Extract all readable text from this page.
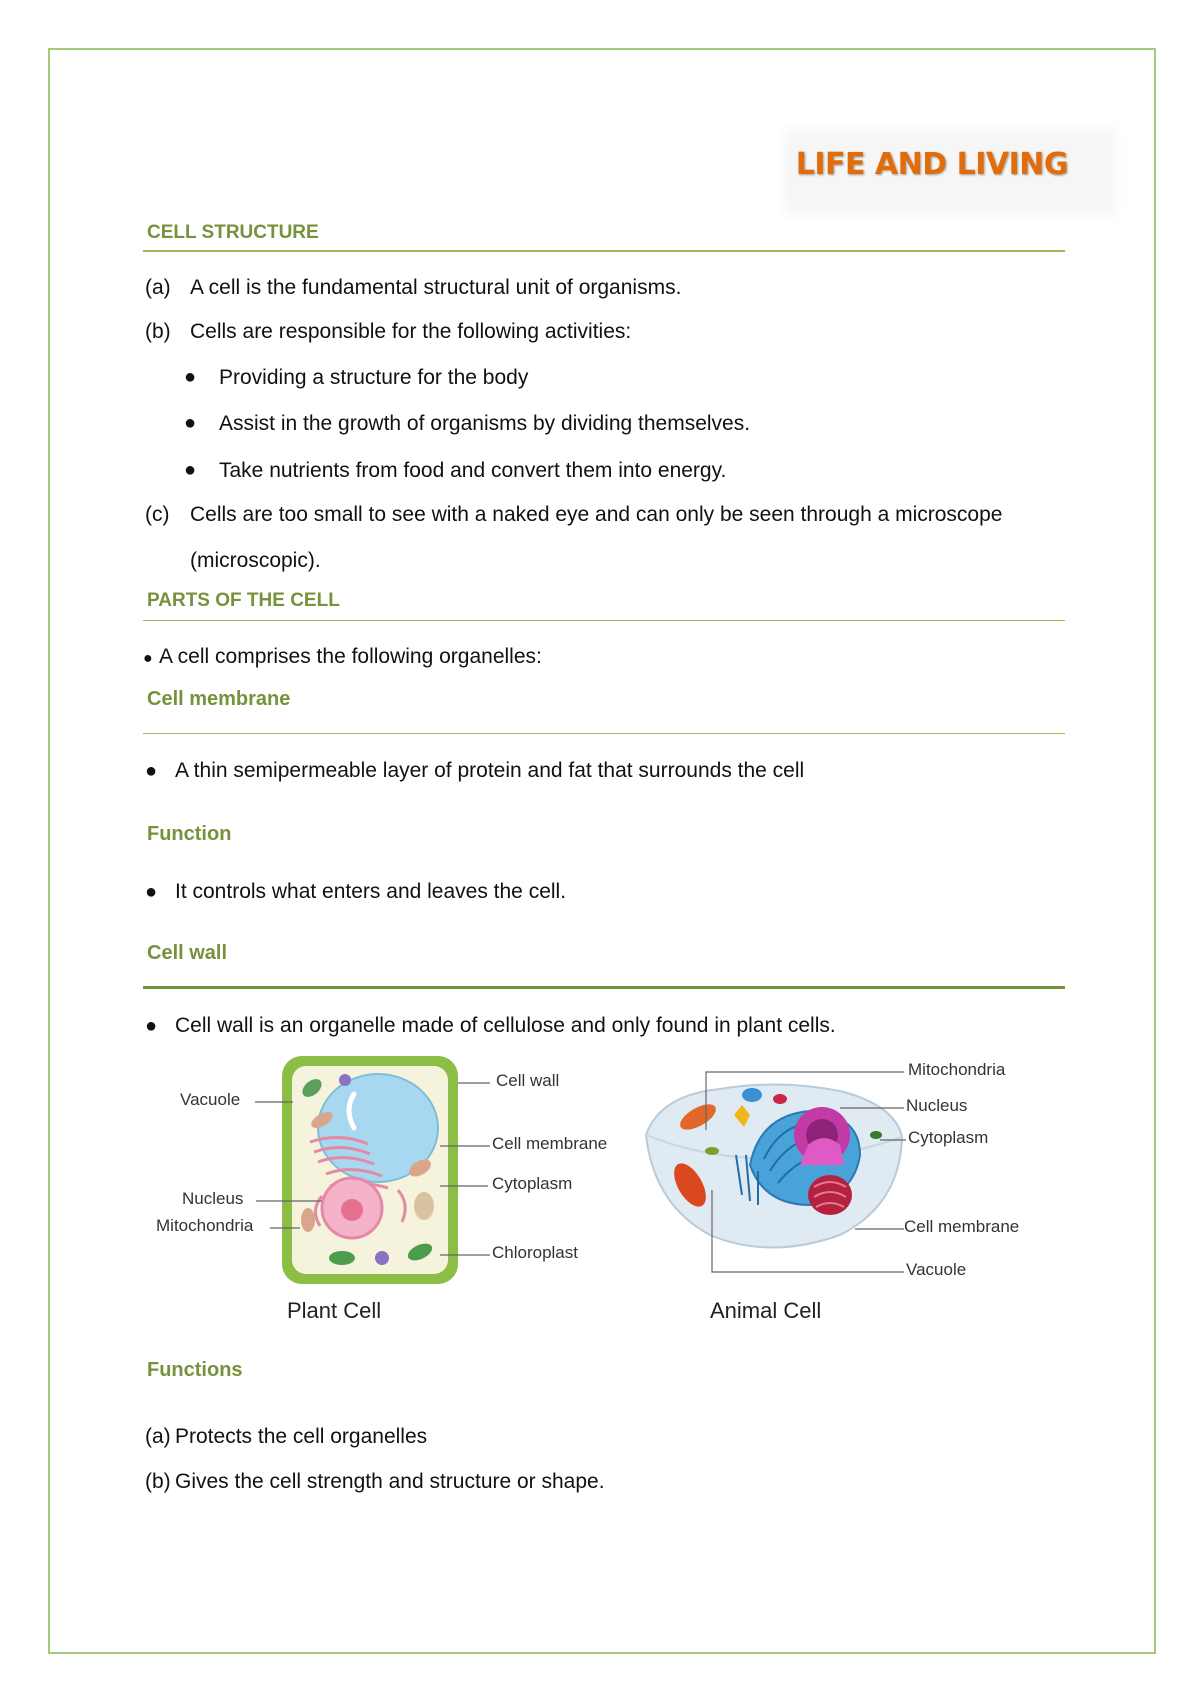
LIFE AND LIVING
CELL STRUCTURE
(a) A cell is the fundamental structural unit of organisms.
(b) Cells are responsible for the following activities:
● Providing a structure for the body
● Assist in the growth of organisms by dividing themselves.
● Take nutrients from food and convert them into energy.
(c) Cells are too small to see with a naked eye and can only be seen through a microscope
(microscopic).
PARTS OF THE CELL
● A cell comprises the following organelles:
Cell membrane
● A thin semipermeable layer of protein and fat that surrounds the cell
Function
● It controls what enters and leaves the cell.
Cell wall
● Cell wall is an organelle made of cellulose and only found in plant cells.
Vacuole
Cell wall
Cell membrane
Cytoplasm
Nucleus
Mitochondria
Chloroplast
Plant Cell
Mitochondria
Nucleus
Cytoplasm
Cell membrane
Vacuole
Animal Cell
Functions
(a) Protects the cell organelles
(b) Gives the cell strength and structure or shape.
